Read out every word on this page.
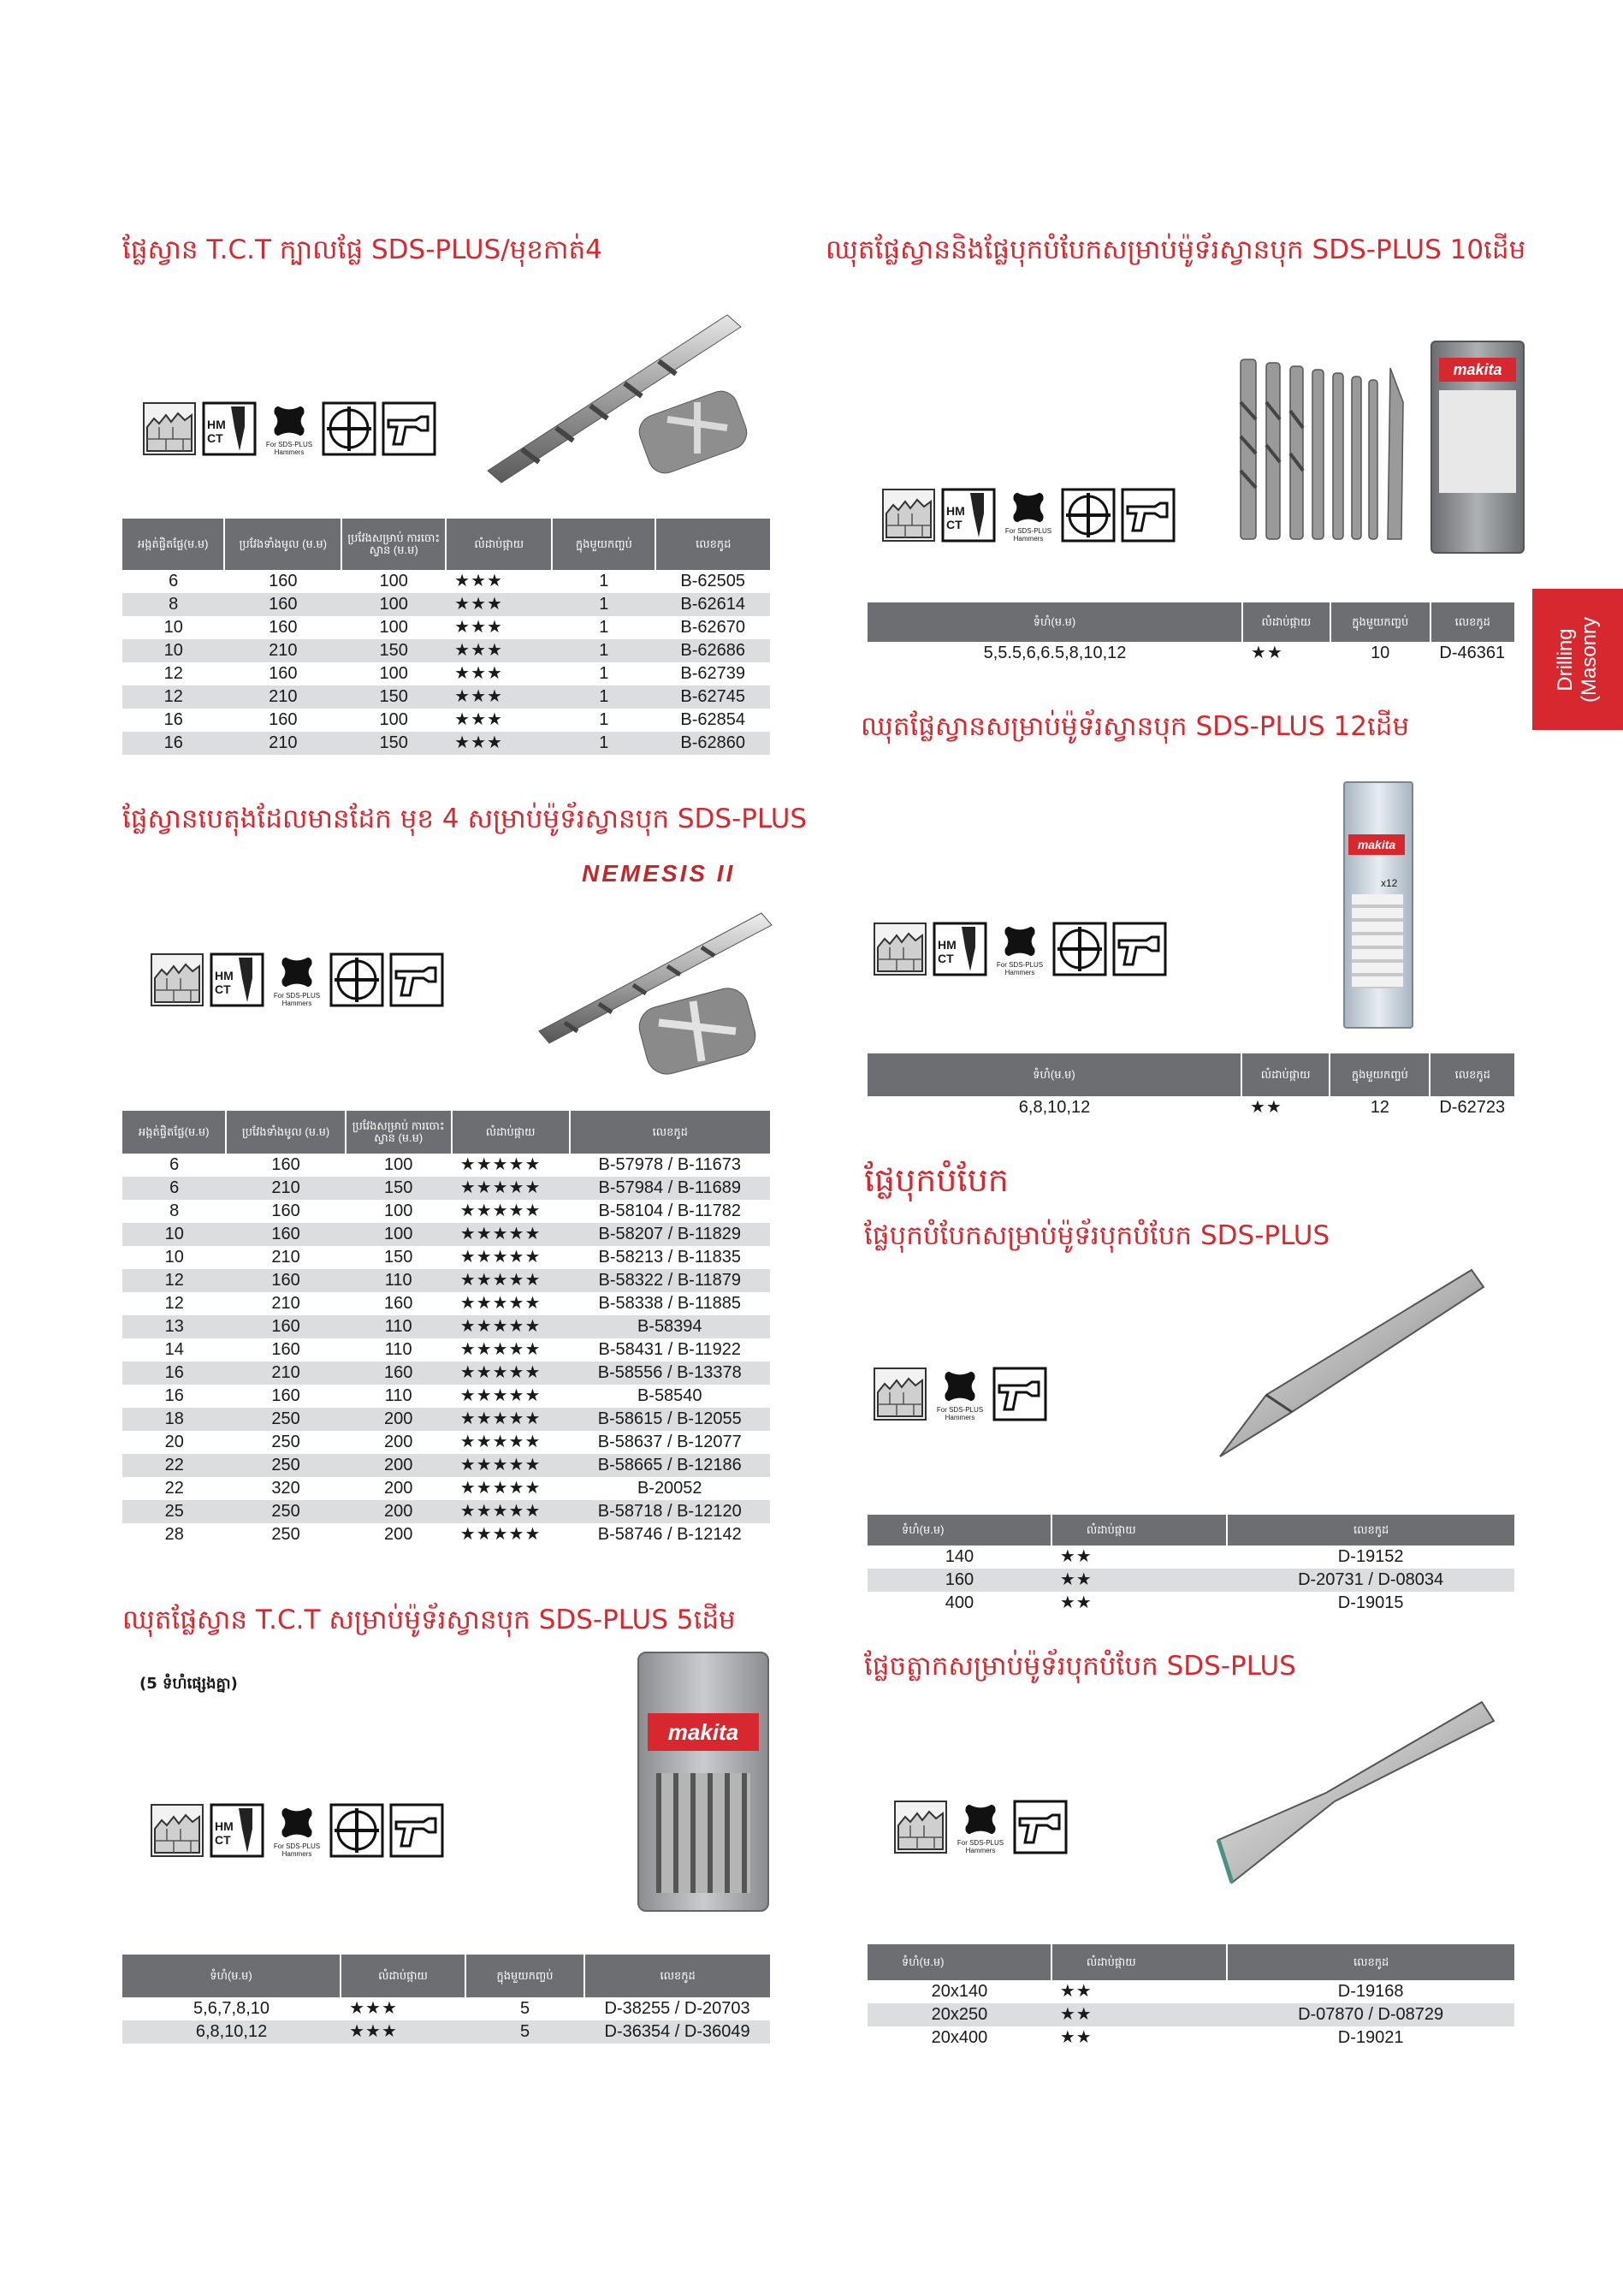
Drilling (Masonry
ផ្លែស្វាន T.C.T ក្បាលផ្លែ SDS-PLUS/មុខកាត់4
HM
CT	For SDS-PLUS
Hammers
អង្កត់ផ្ចិតផ្លែ(ម.ម)	ប្រវែងទាំងមូល (ម.ម)	ប្រវែងសម្រាប់ ការចោះស្វាន (ម.ម)	លំដាប់ផ្កាយ	ក្នុងមួយកញ្ចប់	លេខកូដ
6	160	100	★★★	1	B-62505
8	160	100	★★★	1	B-62614
10	160	100	★★★	1	B-62670
10	210	150	★★★	1	B-62686
12	160	100	★★★	1	B-62739
12	210	150	★★★	1	B-62745
16	160	100	★★★	1	B-62854
16	210	150	★★★	1	B-62860
ផ្លែស្វានបេតុងដែលមានដែក មុខ 4 សម្រាប់ម៉ូទ័រស្វានបុក SDS-PLUS
NEMESIS II
HM
CT	For SDS-PLUS
Hammers
អង្កត់ផ្ចិតផ្លែ(ម.ម)	ប្រវែងទាំងមូល (ម.ម)	ប្រវែងសម្រាប់ ការចោះស្វាន (ម.ម)	លំដាប់ផ្កាយ	លេខកូដ
6	160	100	★★★★★	B-57978 / B-11673
6	210	150	★★★★★	B-57984 / B-11689
8	160	100	★★★★★	B-58104 / B-11782
10	160	100	★★★★★	B-58207 / B-11829
10	210	150	★★★★★	B-58213 / B-11835
12	160	110	★★★★★	B-58322 / B-11879
12	210	160	★★★★★	B-58338 / B-11885
13	160	110	★★★★★	B-58394
14	160	110	★★★★★	B-58431 / B-11922
16	210	160	★★★★★	B-58556 / B-13378
16	160	110	★★★★★	B-58540
18	250	200	★★★★★	B-58615 / B-12055
20	250	200	★★★★★	B-58637 / B-12077
22	250	200	★★★★★	B-58665 / B-12186
22	320	200	★★★★★	B-20052
25	250	200	★★★★★	B-58718 / B-12120
28	250	200	★★★★★	B-58746 / B-12142
ឈុតផ្លែស្វាន T.C.T សម្រាប់ម៉ូទ័រស្វានបុក SDS-PLUS 5ដើម
(5 ទំហំផ្សេងគ្នា)
HM
CT	For SDS-PLUS
Hammers
makita
ទំហំ(ម.ម)	លំដាប់ផ្កាយ	ក្នុងមួយកញ្ចប់	លេខកូដ
5,6,7,8,10	★★★	5	D-38255 / D-20703
6,8,10,12	★★★	5	D-36354 / D-36049
ឈុតផ្លែស្វាននិងផ្លែបុកបំបែកសម្រាប់ម៉ូទ័រស្វានបុក SDS-PLUS 10ដើម
HM
CT	For SDS-PLUS
Hammers
makita
ទំហំ(ម.ម)	លំដាប់ផ្កាយ	ក្នុងមួយកញ្ចប់	លេខកូដ
5,5.5,6,6.5,8,10,12	★★	10	D-46361
ឈុតផ្លែស្វានសម្រាប់ម៉ូទ័រស្វានបុក SDS-PLUS 12ដើម
HM
CT	For SDS-PLUS
Hammers
makita
x12
ទំហំ(ម.ម)	លំដាប់ផ្កាយ	ក្នុងមួយកញ្ចប់	លេខកូដ
6,8,10,12	★★	12	D-62723
ផ្លែបុកបំបែក
ផ្លែបុកបំបែកសម្រាប់ម៉ូទ័របុកបំបែក SDS-PLUS
For SDS-PLUS
Hammers
ទំហំ(ម.ម)	លំដាប់ផ្កាយ	លេខកូដ
140	★★	D-19152
160	★★	D-20731 / D-08034
400	★★	D-19015
ផ្លែចត្លាកសម្រាប់ម៉ូទ័របុកបំបែក SDS-PLUS
For SDS-PLUS
Hammers
ទំហំ(ម.ម)	លំដាប់ផ្កាយ	លេខកូដ
20x140	★★	D-19168
20x250	★★	D-07870 / D-08729
20x400	★★	D-19021
